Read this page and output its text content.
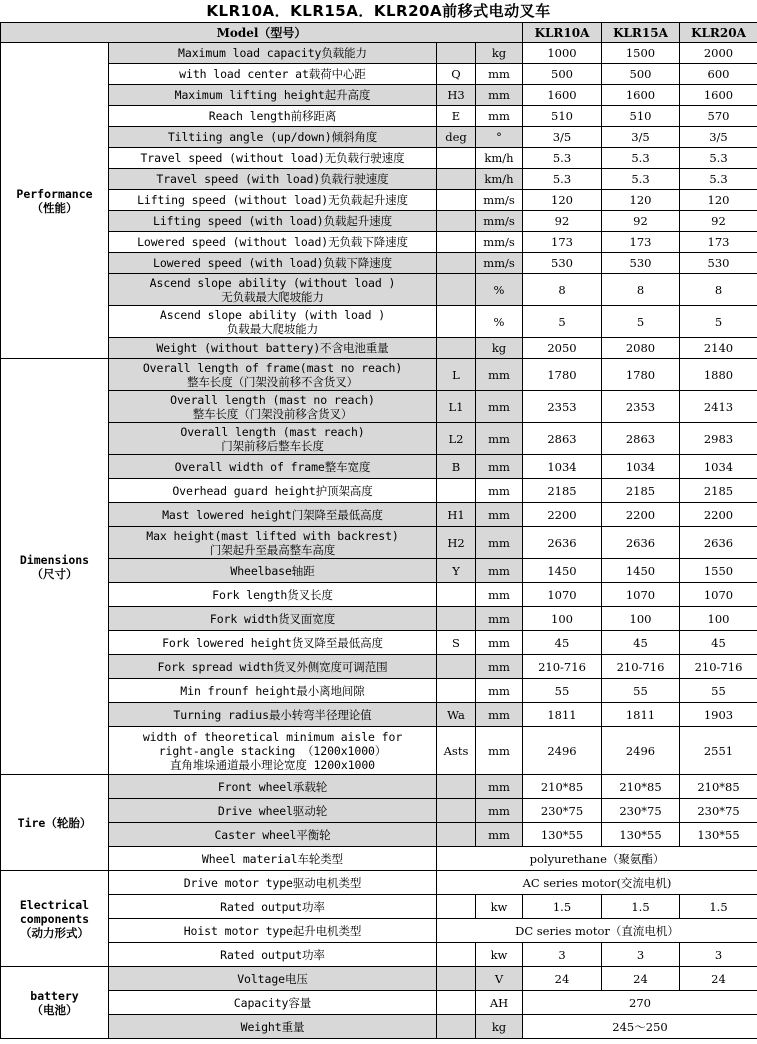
KLR10A．KLR15A．KLR20A前移式电动叉车
Model（型号）				KLR10A	KLR15A	KLR20A
Performance
（性能）	Maximum load capacity负载能力		kg	1000	1500	2000
	with load center at载荷中心距	Q	mm	500	500	600
	Maximum lifting height起升高度	H3	mm	1600	1600	1600
	Reach length前移距离	E	mm	510	510	570
	Tiltiing angle (up/down)倾斜角度	deg	°	3/5	3/5	3/5
	Travel speed (without load)无负载行驶速度		km/h	5.3	5.3	5.3
	Travel speed (with load)负载行驶速度		km/h	5.3	5.3	5.3
	Lifting speed (without load)无负载起升速度		mm/s	120	120	120
	Lifting speed (with load)负载起升速度		mm/s	92	92	92
	Lowered speed (without load)无负载下降速度		mm/s	173	173	173
	Lowered speed (with load)负载下降速度		mm/s	530	530	530
	Ascend slope ability (without load )
无负载最大爬坡能力		%	8	8	8
	Ascend slope ability (with load )
负载最大爬坡能力		%	5	5	5
	Weight (without battery)不含电池重量		kg	2050	2080	2140
Dimensions
（尺寸）	Overall length of frame(mast no reach)
整车长度（门架没前移不含货叉）	L	mm	1780	1780	1880
	Overall length (mast no reach)
整车长度（门架没前移含货叉）	L1	mm	2353	2353	2413
	Overall length (mast reach)
门架前移后整车长度	L2	mm	2863	2863	2983
	Overall width of frame整车宽度	B	mm	1034	1034	1034
	Overhead guard height护顶架高度		mm	2185	2185	2185
	Mast lowered height门架降至最低高度	H1	mm	2200	2200	2200
	Max height(mast lifted with backrest)
门架起升至最高整车高度	H2	mm	2636	2636	2636
	Wheelbase轴距	Y	mm	1450	1450	1550
	Fork length货叉长度		mm	1070	1070	1070
	Fork width货叉面宽度		mm	100	100	100
	Fork lowered height货叉降至最低高度	S	mm	45	45	45
	Fork spread width货叉外侧宽度可调范围		mm	210-716	210-716	210-716
	Min frounf height最小离地间隙		mm	55	55	55
	Turning radius最小转弯半径理论值	Wa	mm	1811	1811	1903
	width of theoretical minimum aisle for
right-angle stacking （1200x1000）
直角堆垛通道最小理论宽度 1200x1000	Asts	mm	2496	2496	2551
Tire（轮胎）	Front wheel承载轮		mm	210*85	210*85	210*85
	Drive wheel驱动轮		mm	230*75	230*75	230*75
	Caster wheel平衡轮		mm	130*55	130*55	130*55
	Wheel material车轮类型	polyurethane（聚氨酯）				
Electrical
components
（动力形式）	Drive motor type驱动电机类型	AC series motor(交流电机)				
	Rated output功率		kw	1.5	1.5	1.5
	Hoist motor type起升电机类型	DC series motor（直流电机）				
	Rated output功率		kw	3	3	3
battery
（电池）	Voltage电压		V	24	24	24
	Capacity容量		AH	270		
	Weight重量		kg	245～250		
